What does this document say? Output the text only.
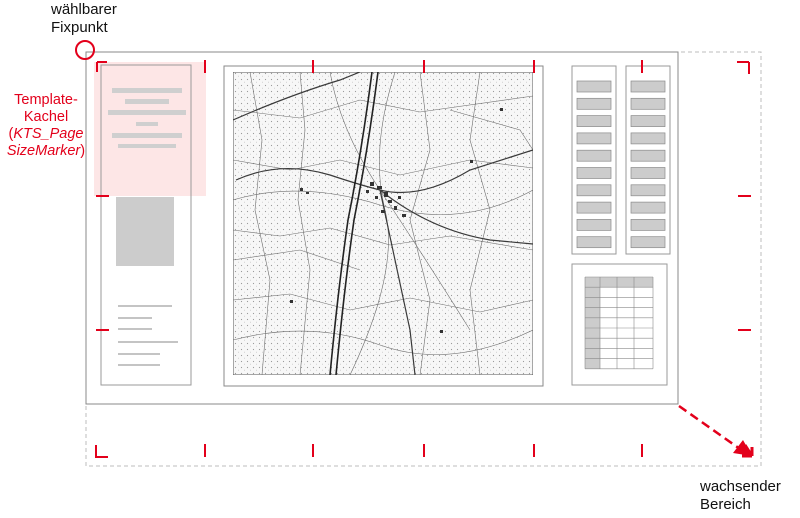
wählbarer
Fixpunkt
Template-
Kachel
(KTS_Page
SizeMarker)
wachsender
Bereich
